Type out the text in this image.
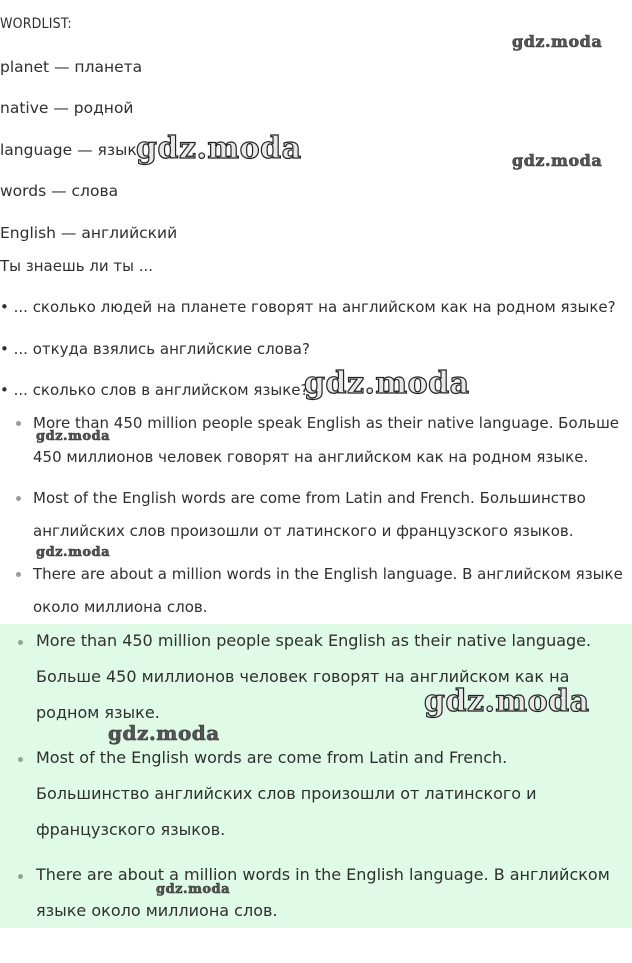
WORDLIST:
planet — планета
native — родной
language — язык
words — слова
English — английский
Ты знаешь ли ты ...
• ... сколько людей на планете говорят на английском как на родном языке?
• ... откуда взялись английские слова?
• ... сколько слов в английском языке?
More than 450 million people speak English as their native language. Больше
450 миллионов человек говорят на английском как на родном языке.
Most of the English words are come from Latin and French. Большинство
английских слов произошли от латинского и французского языков.
There are about a million words in the English language. В английском языке
около миллиона слов.
More than 450 million people speak English as their native language.
Больше 450 миллионов человек говорят на английском как на
родном языке.
Most of the English words are come from Latin and French.
Большинство английских слов произошли от латинского и
французского языков.
There are about a million words in the English language. В английском
языке около миллиона слов.
gdz.moda
gdz.moda
gdz.moda
gdz.moda
gdz.moda
gdz.moda
gdz.moda
gdz.moda
gdz.moda
